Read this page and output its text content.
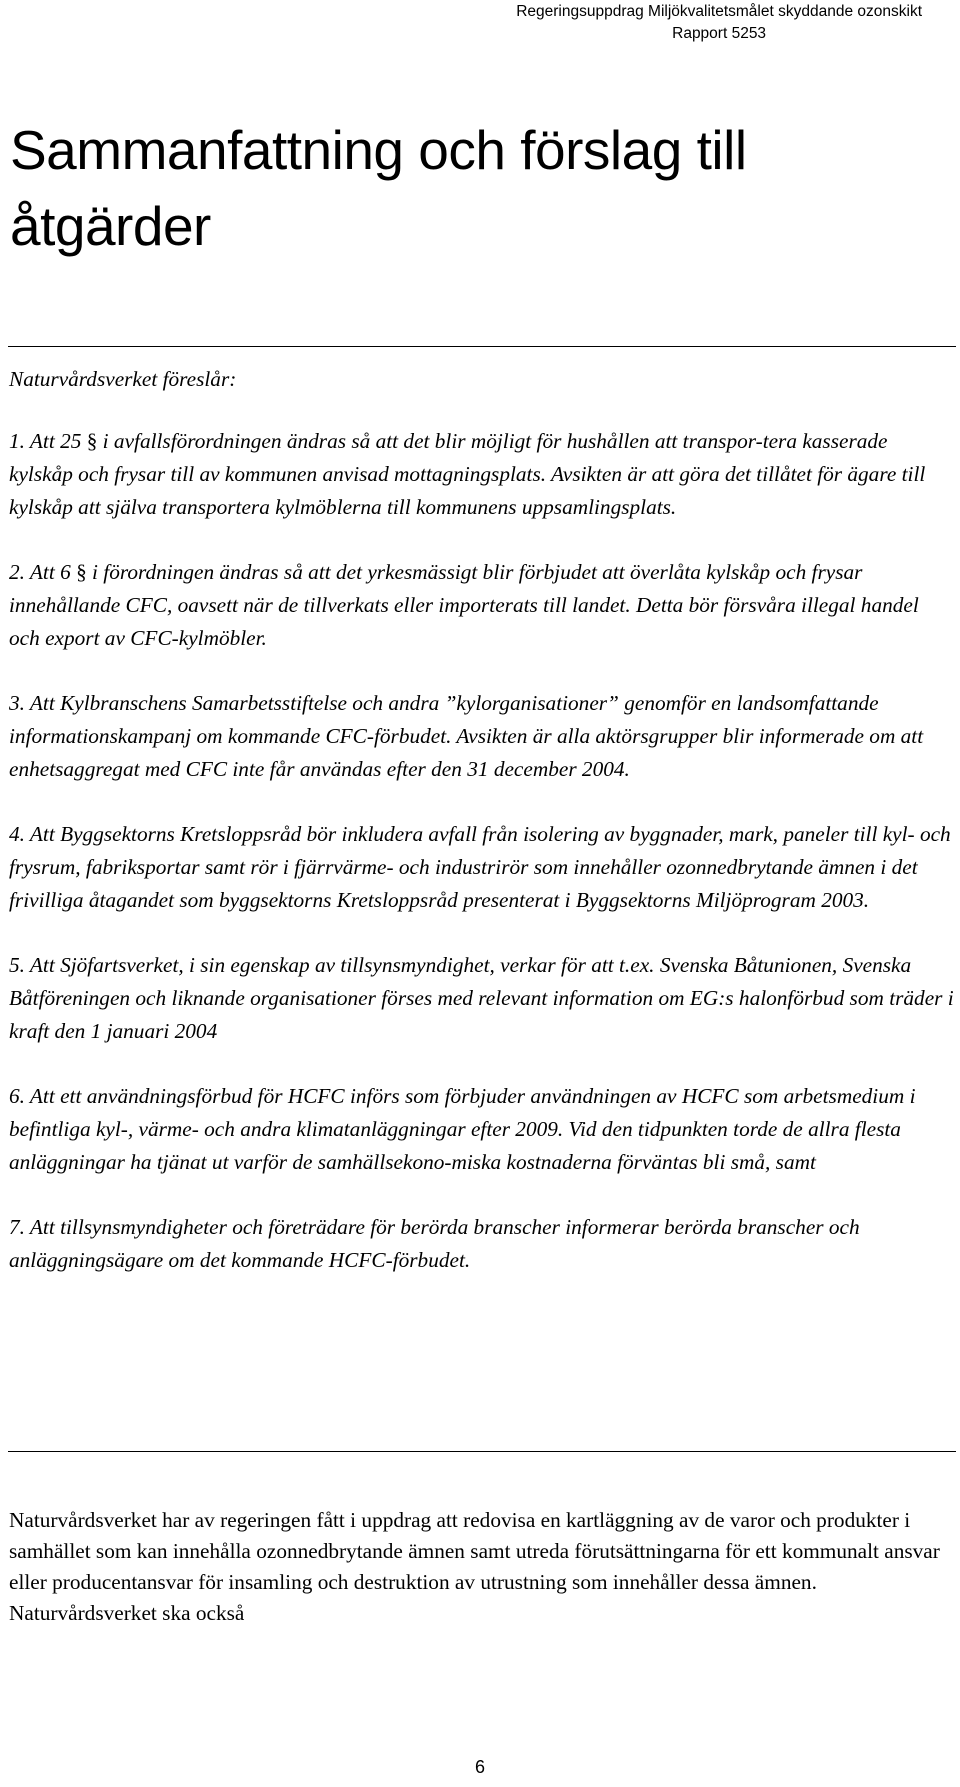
Regeringsuppdrag Miljökvalitetsmålet skyddande ozonskikt
Rapport 5253
Sammanfattning och förslag till åtgärder

Naturvårdsverket föreslår:

1. Att 25 § i avfallsförordningen ändras så att det blir möjligt för hushållen att transpor-tera kasserade kylskåp och frysar till av kommunen anvisad mottagningsplats. Avsikten är att göra det tillåtet för ägare till kylskåp att själva transportera kylmöblerna till kommunens uppsamlingsplats.

2. Att 6 § i förordningen ändras så att det yrkesmässigt blir förbjudet att överlåta kylskåp och frysar innehållande CFC, oavsett när de tillverkats eller importerats till landet. Detta bör försvåra illegal handel och export av CFC-kylmöbler.

3. Att Kylbranschens Samarbetsstiftelse och andra ”kylorganisationer” genomför en landsomfattande informationskampanj om kommande CFC-förbudet. Avsikten är alla aktörsgrupper blir informerade om att enhetsaggregat med CFC inte får användas efter den 31 december 2004.

4. Att Byggsektorns Kretsloppsråd bör inkludera avfall från isolering av byggnader, mark, paneler till kyl- och frysrum, fabriksportar samt rör i fjärrvärme- och industrirör som innehåller ozonnedbrytande ämnen i det frivilliga åtagandet som byggsektorns Kretsloppsråd presenterat i Byggsektorns Miljöprogram 2003.

5. Att Sjöfartsverket, i sin egenskap av tillsynsmyndighet, verkar för att t.ex. Svenska Båtunionen, Svenska Båtföreningen och liknande organisationer förses med relevant information om EG:s halonförbud som träder i kraft den 1 januari 2004

6. Att ett användningsförbud för HCFC införs som förbjuder användningen av HCFC som arbetsmedium i befintliga kyl-, värme- och andra klimatanläggningar efter 2009. Vid den tidpunkten torde de allra flesta anläggningar ha tjänat ut varför de samhällsekono-miska kostnaderna förväntas bli små, samt

7. Att tillsynsmyndigheter och företrädare för berörda branscher informerar berörda branscher och anläggningsägare om det kommande HCFC-förbudet.

Naturvårdsverket har av regeringen fått i uppdrag att redovisa en kartläggning av de varor och produkter i samhället som kan innehålla ozonnedbrytande ämnen samt utreda förutsättningarna för ett kommunalt ansvar eller producentansvar för insamling och destruktion av utrustning som innehåller dessa ämnen. Naturvårdsverket ska också

6
